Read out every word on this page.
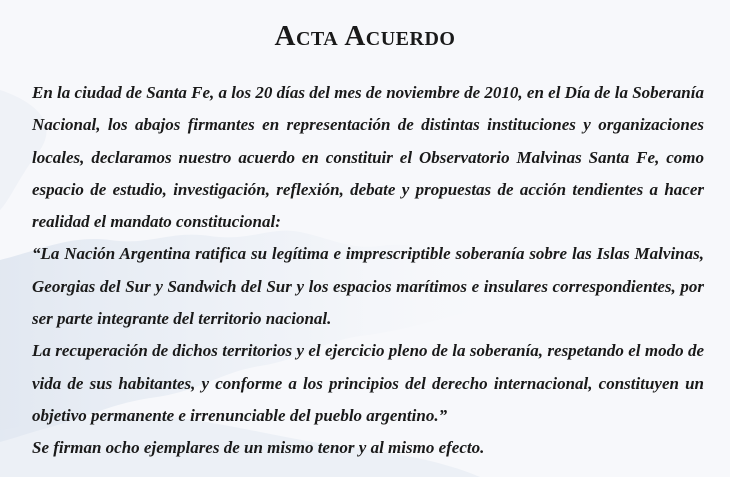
Acta Acuerdo

En la ciudad de Santa Fe, a los 20 días del mes de noviembre de 2010, en el Día de la Soberanía Nacional, los abajos firmantes en representación de distintas instituciones y organizaciones locales, declaramos nuestro acuerdo en constituir el Observatorio Malvinas Santa Fe, como espacio de estudio, investigación, reflexión, debate y propuestas de acción tendientes a hacer realidad el mandato constitucional:

“La Nación Argentina ratifica su legítima e imprescriptible soberanía sobre las Islas Malvinas, Georgias del Sur y Sandwich del Sur y los espacios marítimos e insulares correspondientes, por ser parte integrante del territorio nacional.

La recuperación de dichos territorios y el ejercicio pleno de la soberanía, respetando el modo de vida de sus habitantes, y conforme a los principios del derecho internacional, constituyen un objetivo permanente e irrenunciable del pueblo argentino.”

Se firman ocho ejemplares de un mismo tenor y al mismo efecto.
